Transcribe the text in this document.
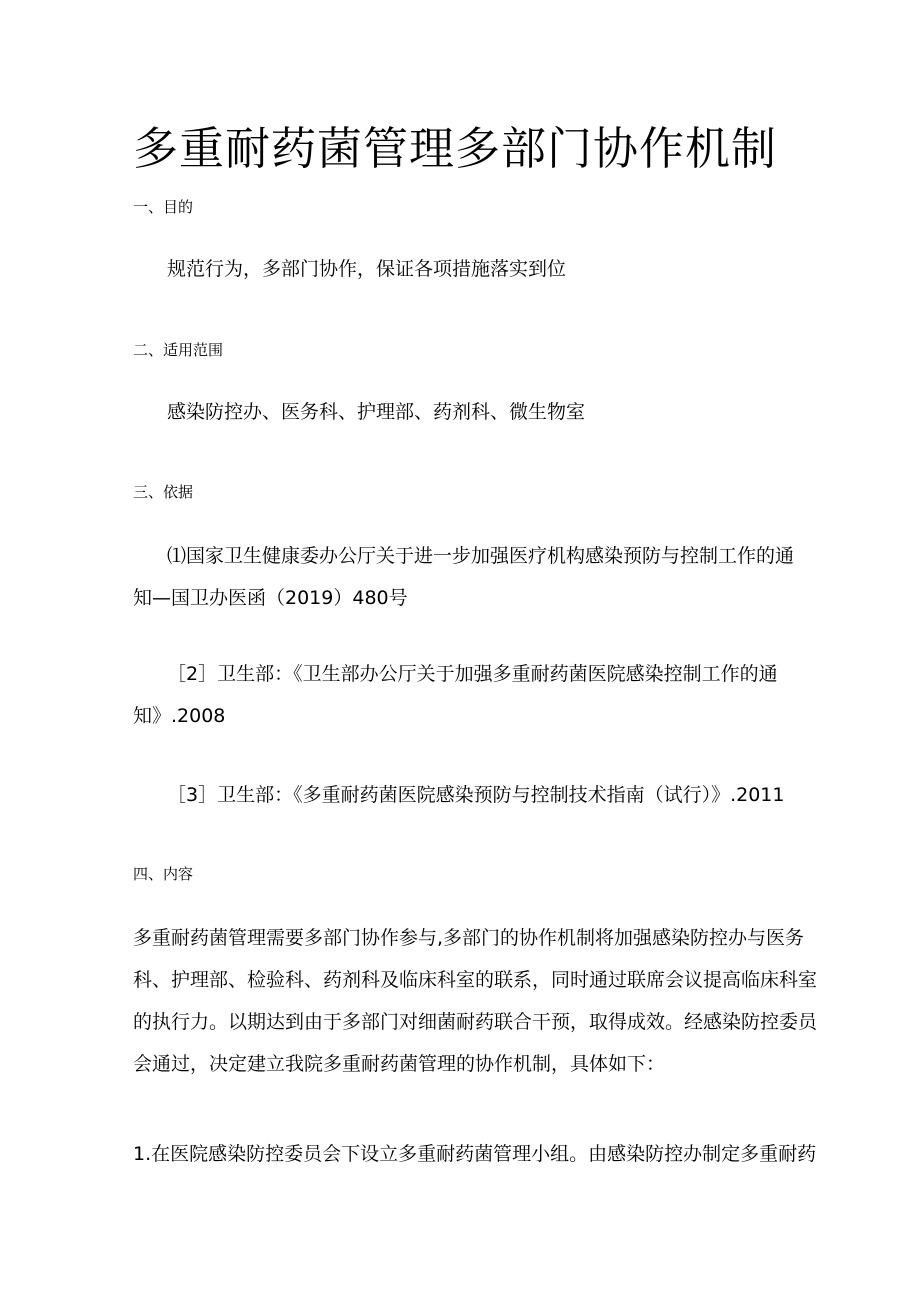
多重耐药菌管理多部门协作机制
一、目的
规范行为，多部门协作，保证各项措施落实到位
二、适用范围
感染防控办、医务科、护理部、药剂科、微生物室
三、依据
⑴国家卫生健康委办公厅关于进一步加强医疗机构感染预防与控制工作的通
知—国卫办医函（2019）480号
［2］卫生部：《卫生部办公厅关于加强多重耐药菌医院感染控制工作的通
知》.2008
［3］卫生部：《多重耐药菌医院感染预防与控制技术指南（试行）》.2011
四、内容
多重耐药菌管理需要多部门协作参与,多部门的协作机制将加强感染防控办与医务
科、护理部、检验科、药剂科及临床科室的联系，同时通过联席会议提高临床科室
的执行力。以期达到由于多部门对细菌耐药联合干预，取得成效。经感染防控委员
会通过，决定建立我院多重耐药菌管理的协作机制，具体如下：
1.在医院感染防控委员会下设立多重耐药菌管理小组。由感染防控办制定多重耐药
